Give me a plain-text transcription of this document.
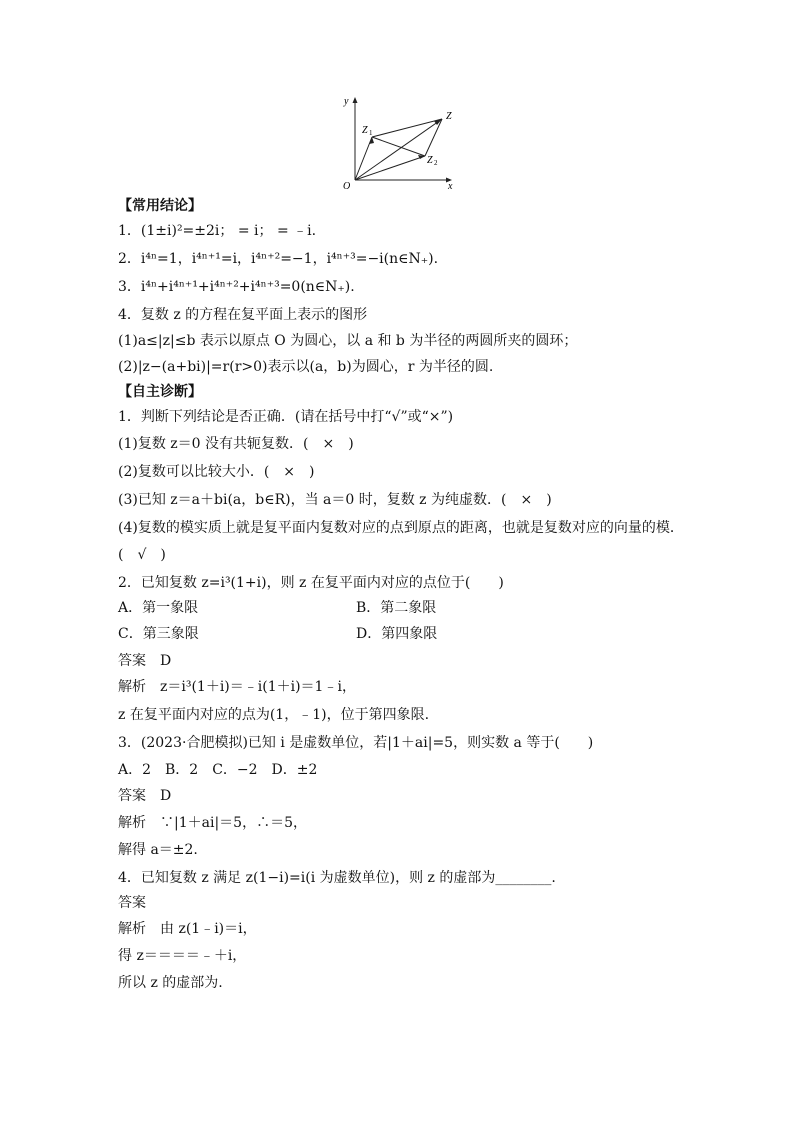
y
x
O
Z
Z 1
Z 2
【常用结论】
1．(1±i)²=±2i； = i； = ﹣i.
2．i⁴ⁿ=1，i⁴ⁿ⁺¹=i，i⁴ⁿ⁺²=−1，i⁴ⁿ⁺³=−i(n∈N₊).
3．i⁴ⁿ+i⁴ⁿ⁺¹+i⁴ⁿ⁺²+i⁴ⁿ⁺³=0(n∈N₊).
4．复数 z 的方程在复平面上表示的图形
(1)a≤|z|≤b 表示以原点 O 为圆心，以 a 和 b 为半径的两圆所夹的圆环；
(2)|z−(a+bi)|=r(r>0)表示以(a，b)为圆心，r 为半径的圆.
【自主诊断】
1．判断下列结论是否正确．(请在括号中打“√”或“×”)
(1)复数 z＝0 没有共轭复数．(　×　)
(2)复数可以比较大小．(　×　)
(3)已知 z＝a＋bi(a，b∈R)，当 a＝0 时，复数 z 为纯虚数．(　×　)
(4)复数的模实质上就是复平面内复数对应的点到原点的距离，也就是复数对应的向量的模．
(　√　)
2．已知复数 z=i³(1+i)，则 z 在复平面内对应的点位于(　　)
A．第一象限	B．第二象限
C．第三象限	D．第四象限
答案　D
解析　z＝i³(1＋i)＝﹣i(1＋i)＝1﹣i，
z 在复平面内对应的点为(1，﹣1)，位于第四象限.
3．(2023·合肥模拟)已知 i 是虚数单位，若|1＋ai|=5，则实数 a 等于(　　)
A．2　B．2　C．−2　D．±2
答案　D
解析　∵|1＋ai|＝5，∴＝5，
解得 a＝±2.
4．已知复数 z 满足 z(1−i)=i(i 为虚数单位)，则 z 的虚部为________.
答案
解析　由 z(1﹣i)＝i，
得 z＝＝＝＝﹣＋i，
所以 z 的虚部为.
